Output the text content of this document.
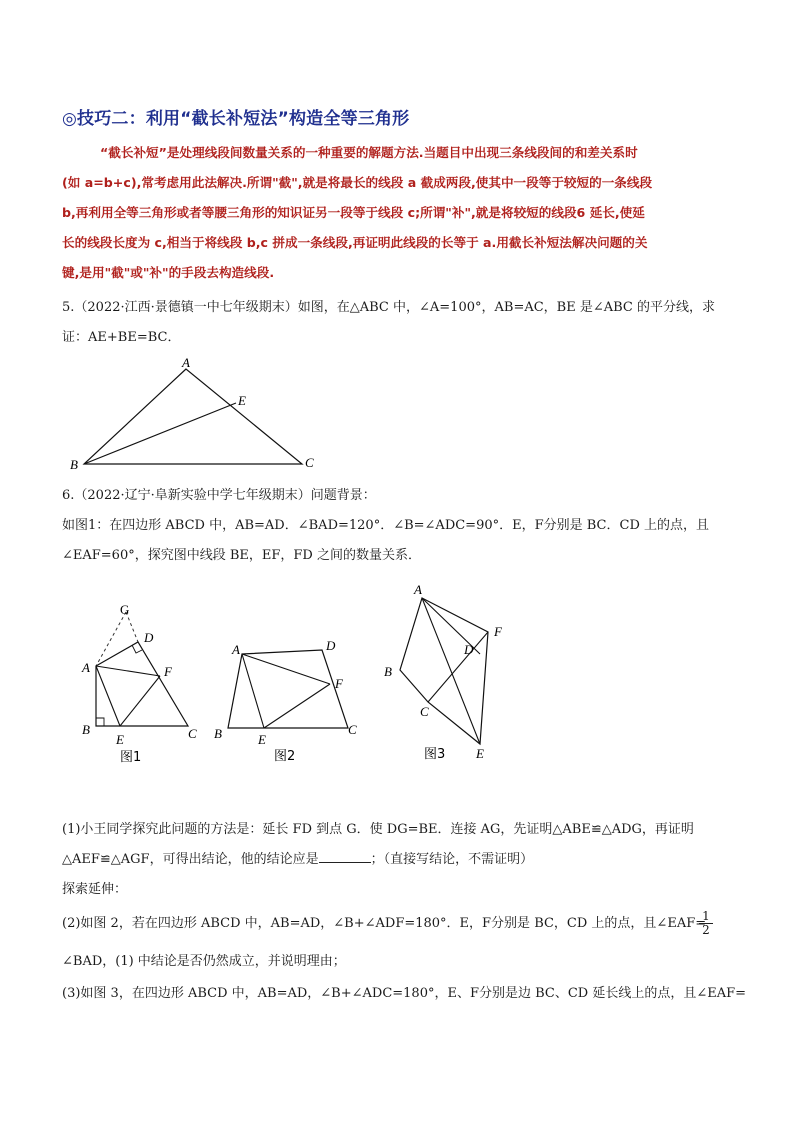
◎技巧二：利用“截长补短法”构造全等三角形
“截长补短”是处理线段间数量关系的一种重要的解题方法.当题目中出现三条线段间的和差关系时
(如 a=b+c),常考虑用此法解决.所谓"截",就是将最长的线段 a 截成两段,使其中一段等于较短的一条线段
b,再利用全等三角形或者等腰三角形的知识证另一段等于线段 c;所谓"补",就是将较短的线段6 延长,使延
长的线段长度为 c,相当于将线段 b,c 拼成一条线段,再证明此线段的长等于 a.用截长补短法解决问题的关
键,是用"截"或"补"的手段去构造线段.
5.（2022·江西·景德镇一中七年级期末）如图，在△ABC 中，∠A=100°，AB=AC，BE 是∠ABC 的平分线，求
证：AE+BE=BC．
A
E
B	C
6.（2022·辽宁·阜新实验中学七年级期末）问题背景：
如图1：在四边形 ABCD 中，AB=AD．∠BAD=120°．∠B=∠ADC=90°．E，F分别是 BC．CD 上的点，且
∠EAF=60°，探究图中线段 BE，EF，FD 之间的数量关系．
G
D
A	F
B
E	C
图1
A	D
F
B	E
C
图2
A
F
D
B
C
E
图3
(1)小王同学探究此问题的方法是：延长 FD 到点 G．使 DG=BE．连接 AG，先证明△ABE≌△ADG，再证明
△AEF≌△AGF，可得出结论，他的结论应是	；（直接写结论，不需证明）
探索延伸：
(2)如图 2，若在四边形 ABCD 中，AB=AD，∠B+∠ADF=180°．E，F分别是 BC，CD 上的点，且∠EAF=
$\frac{1}{2}$
∠BAD，(1) 中结论是否仍然成立，并说明理由；
(3)如图 3，在四边形 ABCD 中，AB=AD，∠B+∠ADC=180°，E、F分别是边 BC、CD 延长线上的点，且∠EAF=
